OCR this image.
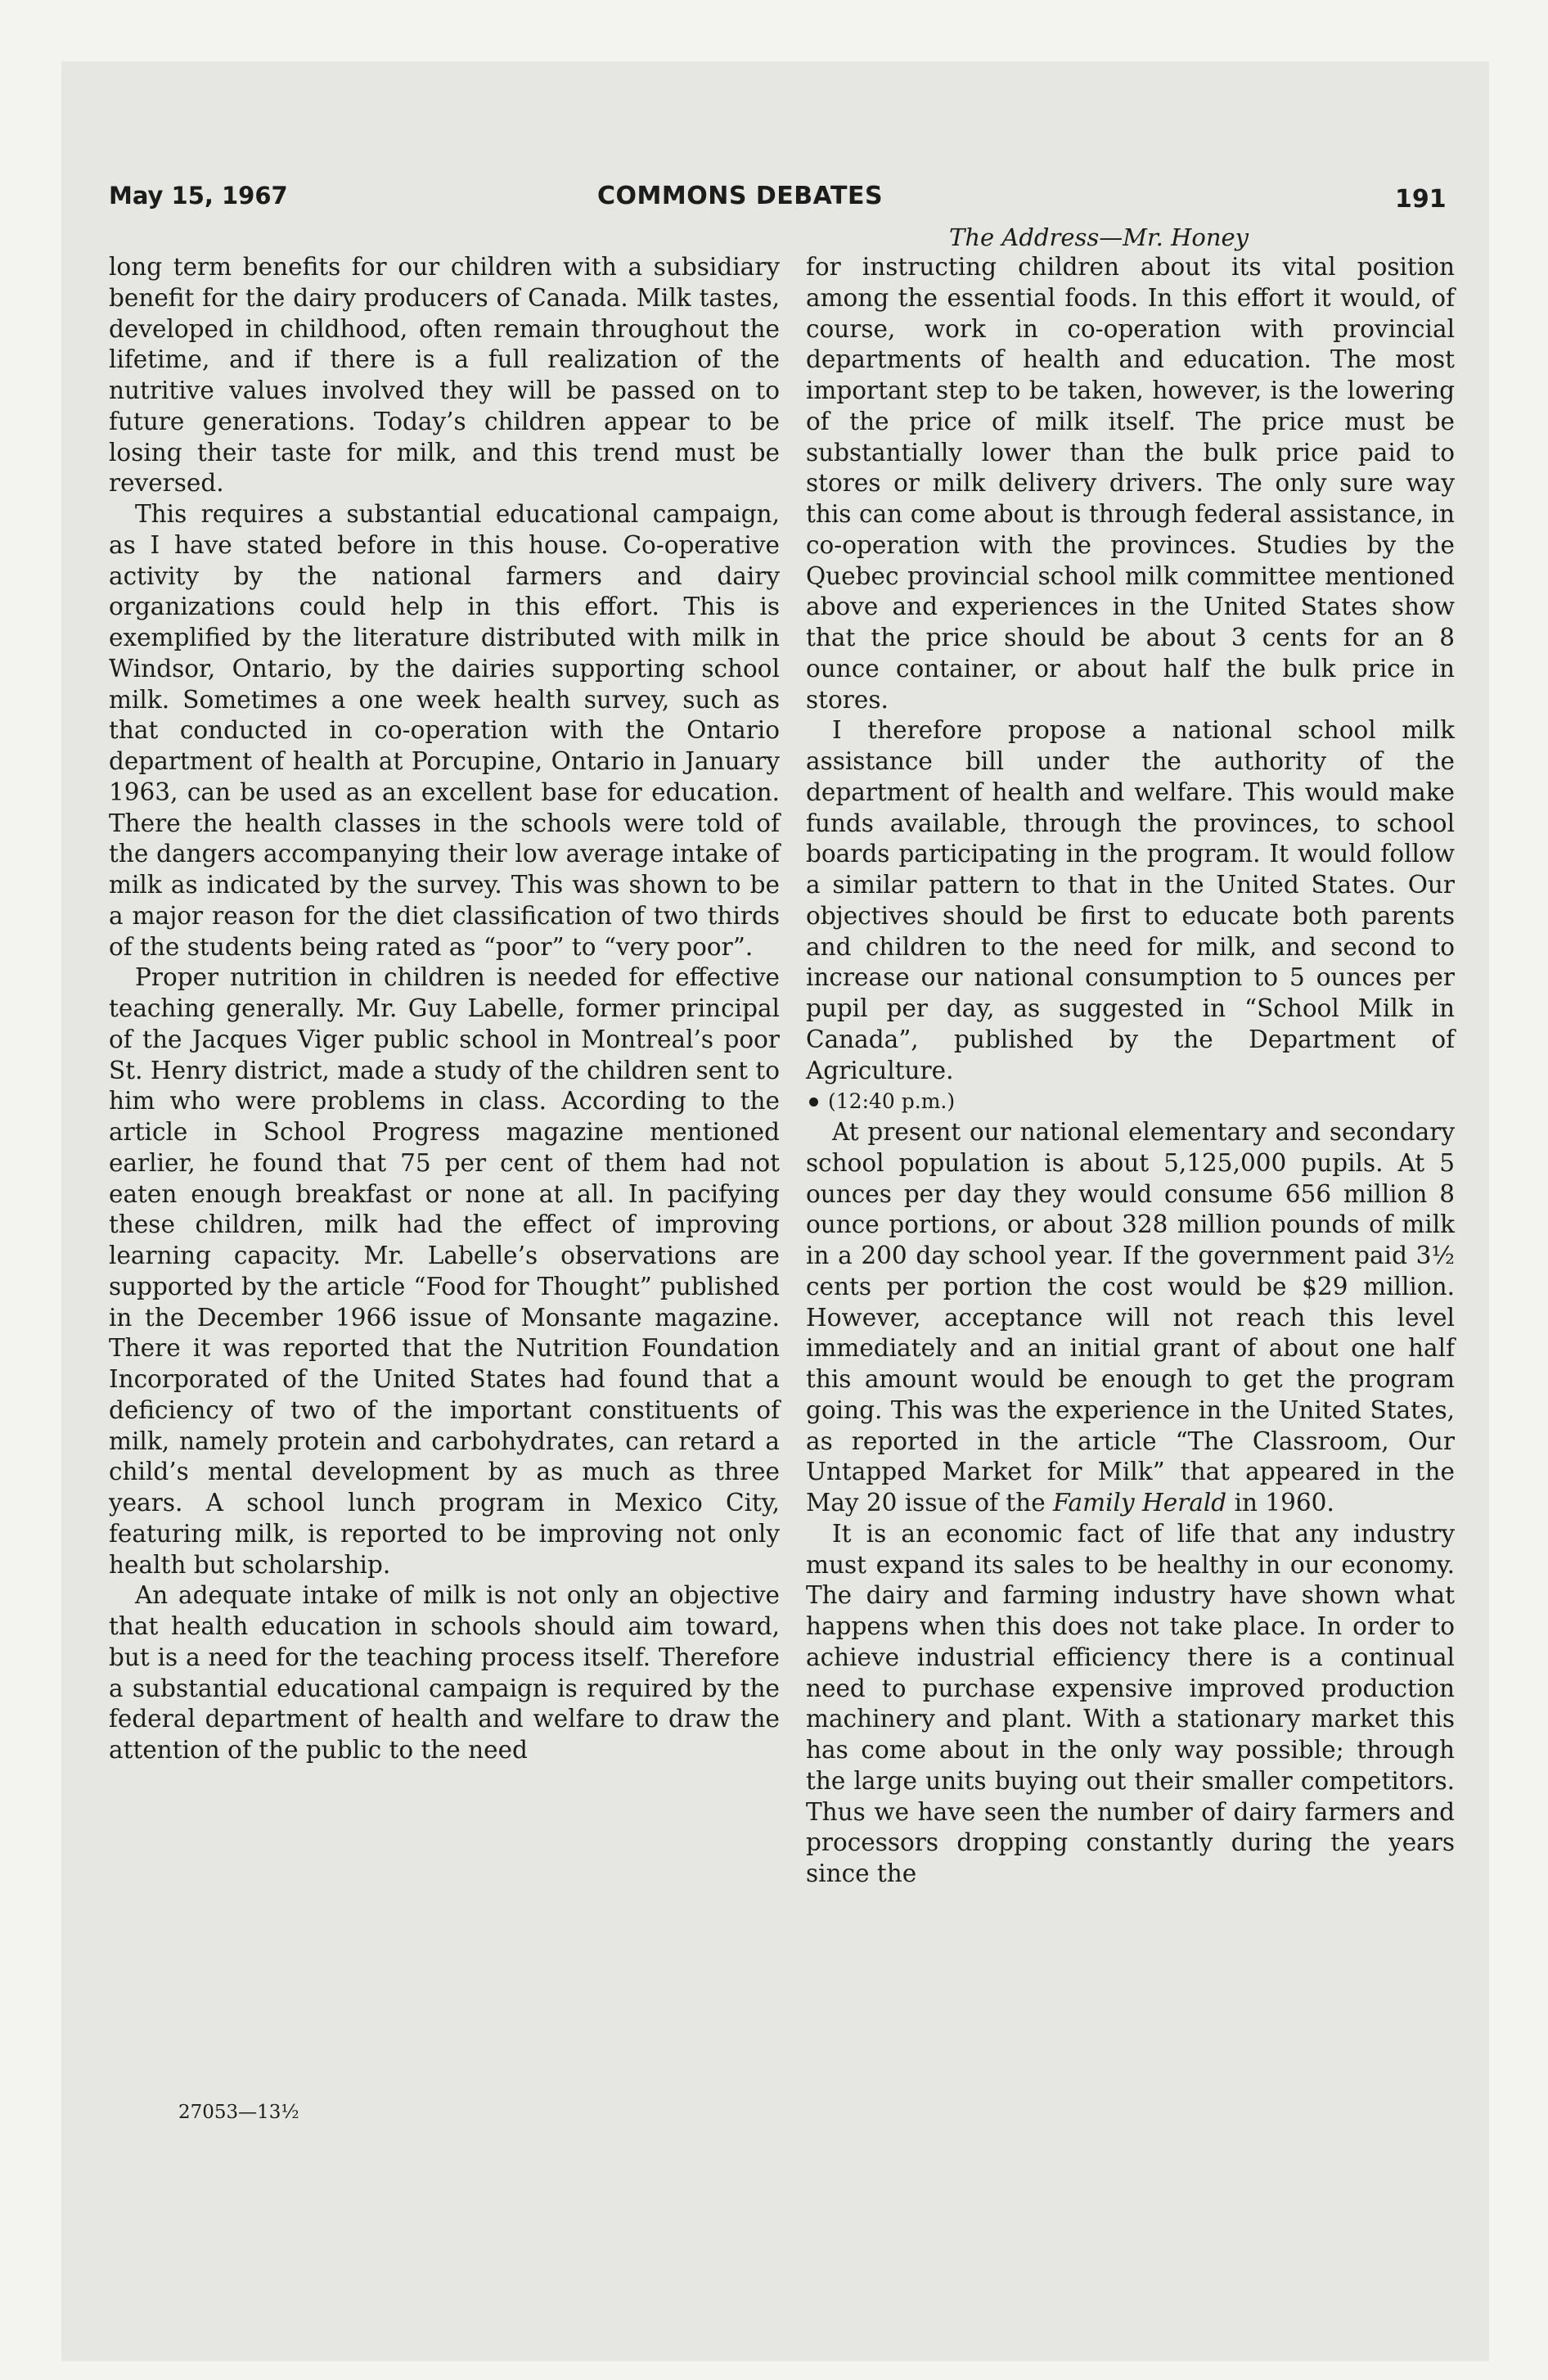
May 15, 1967	COMMONS DEBATES	191
The Address—Mr. Honey

long term benefits for our children with a subsidiary benefit for the dairy producers of Canada. Milk tastes, developed in childhood, often remain throughout the lifetime, and if there is a full realization of the nutritive values involved they will be passed on to future generations. Today’s children appear to be losing their taste for milk, and this trend must be reversed.

This requires a substantial educational campaign, as I have stated before in this house. Co-operative activity by the national farmers and dairy organizations could help in this effort. This is exemplified by the literature distributed with milk in Windsor, Ontario, by the dairies supporting school milk. Sometimes a one week health survey, such as that conducted in co-operation with the Ontario department of health at Porcupine, Ontario in January 1963, can be used as an excellent base for education. There the health classes in the schools were told of the dangers accompanying their low average intake of milk as indicated by the survey. This was shown to be a major reason for the diet classification of two thirds of the students being rated as “poor” to “very poor”.

Proper nutrition in children is needed for effective teaching generally. Mr. Guy Labelle, former principal of the Jacques Viger public school in Montreal’s poor St. Henry district, made a study of the children sent to him who were problems in class. According to the article in School Progress magazine mentioned earlier, he found that 75 per cent of them had not eaten enough breakfast or none at all. In pacifying these children, milk had the effect of improving learning capacity. Mr. Labelle’s observations are supported by the article “Food for Thought” published in the December 1966 issue of Monsante magazine. There it was reported that the Nutrition Foundation Incorporated of the United States had found that a deficiency of two of the important constituents of milk, namely protein and carbohydrates, can retard a child’s mental development by as much as three years. A school lunch program in Mexico City, featuring milk, is reported to be improving not only health but scholarship.

An adequate intake of milk is not only an objective that health education in schools should aim toward, but is a need for the teaching process itself. Therefore a substantial educational campaign is required by the federal department of health and welfare to draw the attention of the public to the need

for instructing children about its vital position among the essential foods. In this effort it would, of course, work in co-operation with provincial departments of health and education. The most important step to be taken, however, is the lowering of the price of milk itself. The price must be substantially lower than the bulk price paid to stores or milk delivery drivers. The only sure way this can come about is through federal assistance, in co-operation with the provinces. Studies by the Quebec provincial school milk committee mentioned above and experiences in the United States show that the price should be about 3 cents for an 8 ounce container, or about half the bulk price in stores.

I therefore propose a national school milk assistance bill under the authority of the department of health and welfare. This would make funds available, through the provinces, to school boards participating in the program. It would follow a similar pattern to that in the United States. Our objectives should be first to educate both parents and children to the need for milk, and second to increase our national consumption to 5 ounces per pupil per day, as suggested in “School Milk in Canada”, published by the Department of Agriculture.

(12:40 p.m.)

At present our national elementary and secondary school population is about 5,125,000 pupils. At 5 ounces per day they would consume 656 million 8 ounce portions, or about 328 million pounds of milk in a 200 day school year. If the government paid 3½ cents per portion the cost would be $29 million. However, acceptance will not reach this level immediately and an initial grant of about one half this amount would be enough to get the program going. This was the experience in the United States, as reported in the article “The Classroom, Our Untapped Market for Milk” that appeared in the May 20 issue of the Family Herald in 1960.

It is an economic fact of life that any industry must expand its sales to be healthy in our economy. The dairy and farming industry have shown what happens when this does not take place. In order to achieve industrial efficiency there is a continual need to purchase expensive improved production machinery and plant. With a stationary market this has come about in the only way possible; through the large units buying out their smaller competitors. Thus we have seen the number of dairy farmers and processors dropping constantly during the years since the

27053—13½
